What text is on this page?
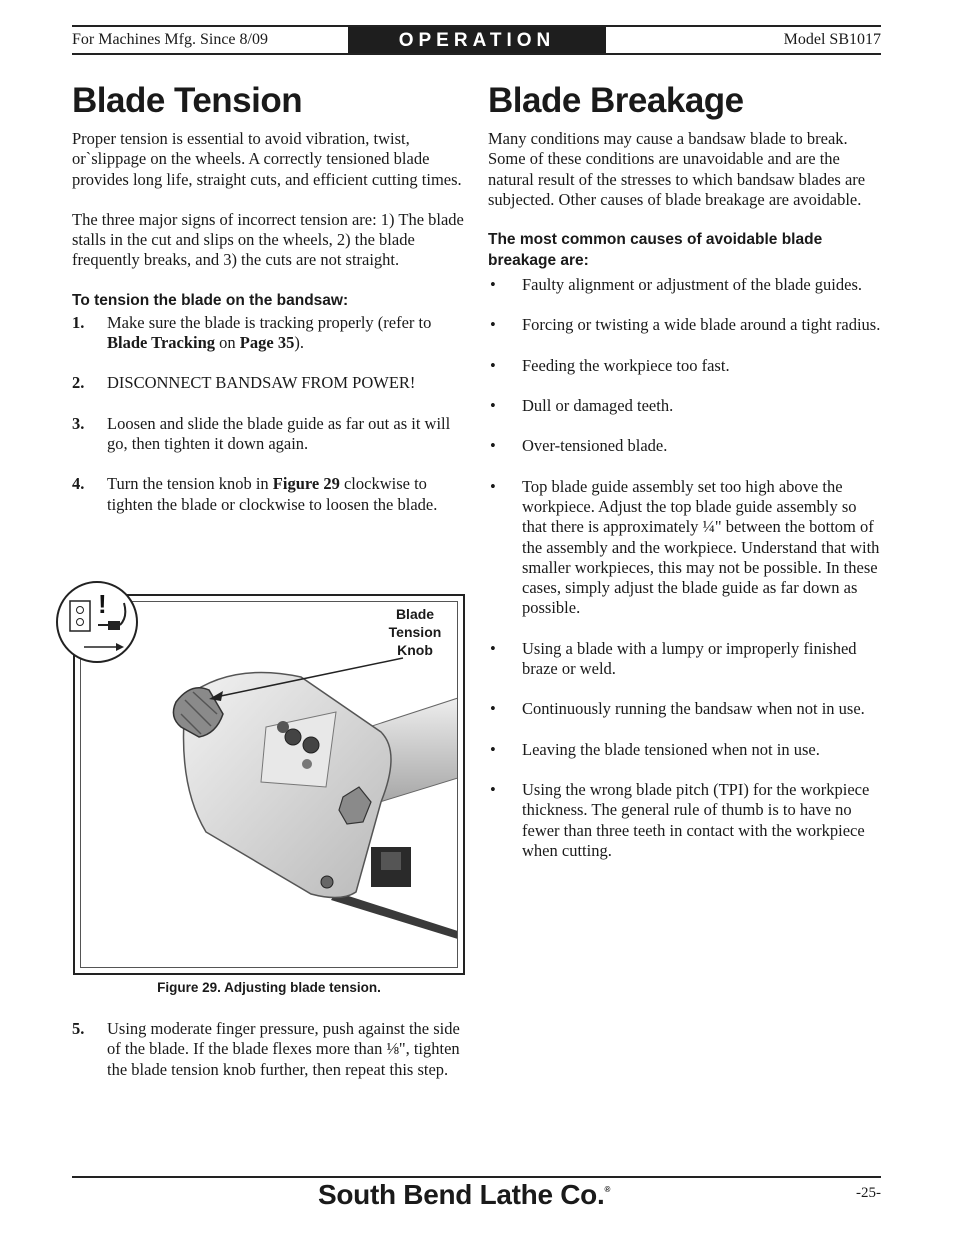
For Machines Mfg. Since 8/09	OPERATION	Model SB1017
Blade Tension

Proper tension is essential to avoid vibration, twist, or`slippage on the wheels. A correctly tensioned blade provides long life, straight cuts, and efficient cutting times.

The three major signs of incorrect tension are: 1) The blade stalls in the cut and slips on the wheels, 2) the blade frequently breaks, and 3) the cuts are not straight.

To tension the blade on the bandsaw:
1. Make sure the blade is tracking properly (refer to Blade Tracking on Page 35).
2. DISCONNECT BANDSAW FROM POWER!
3. Loosen and slide the blade guide as far out as it will go, then tighten it down again.
4. Turn the tension knob in Figure 29 clockwise to tighten the blade or clockwise to loosen the blade.
Blade
Tension
Knob
!
Figure 29. Adjusting blade tension.
5. Using moderate finger pressure, push against the side of the blade. If the blade flexes more than ⅛", tighten the blade tension knob further, then repeat this step.
Blade Breakage

Many conditions may cause a bandsaw blade to break. Some of these conditions are unavoidable and are the natural result of the stresses to which bandsaw blades are subjected. Other causes of blade breakage are avoidable.

The most common causes of avoidable blade breakage are:
• Faulty alignment or adjustment of the blade guides.
• Forcing or twisting a wide blade around a tight radius.
• Feeding the workpiece too fast.
• Dull or damaged teeth.
• Over-tensioned blade.
• Top blade guide assembly set too high above the workpiece. Adjust the top blade guide assembly so that there is approximately ¼" between the bottom of the assembly and the workpiece. Understand that with smaller workpieces, this may not be possible. In these cases, simply adjust the blade guide as far down as possible.
• Using a blade with a lumpy or improperly finished braze or weld.
• Continuously running the bandsaw when not in use.
• Leaving the blade tensioned when not in use.
• Using the wrong blade pitch (TPI) for the workpiece thickness. The general rule of thumb is to have no fewer than three teeth in contact with the workpiece when cutting.
South Bend Lathe Co.®	-25-
